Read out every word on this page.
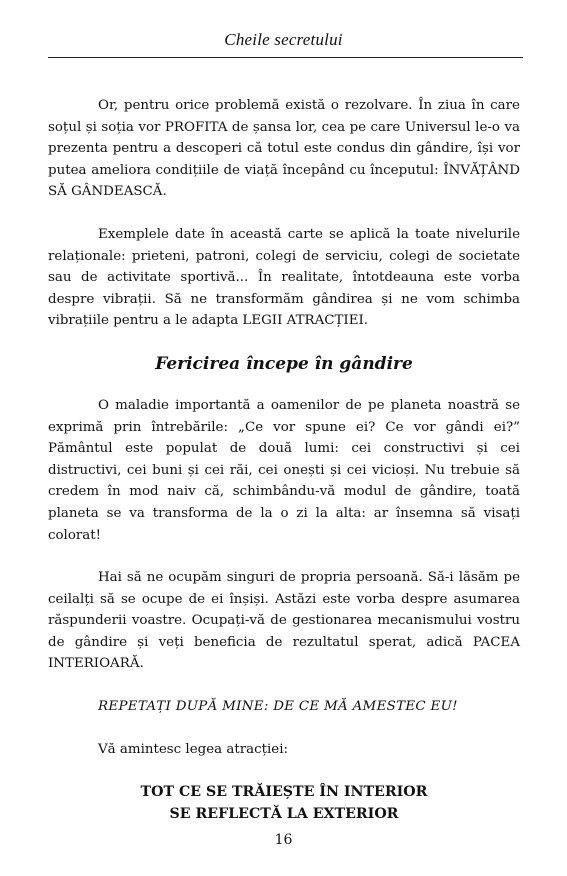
Cheile secretului

Or, pentru orice problemă există o rezolvare. În ziua în care soțul și soția vor PROFITA de șansa lor, cea pe care Universul le-o va prezenta pentru a descoperi că totul este condus din gândire, își vor putea ameliora condițiile de viață începând cu începutul: ÎNVĂȚÂND SĂ GÂNDEASCĂ.

Exemplele date în această carte se aplică la toate nivelurile relaționale: prieteni, patroni, colegi de serviciu, colegi de societate sau de activitate sportivă... În realitate, întotdeauna este vorba despre vibrații. Să ne transformăm gândirea și ne vom schimba vibrațiile pentru a le adapta LEGII ATRACȚIEI.

Fericirea începe în gândire

O maladie importantă a oamenilor de pe planeta noastră se exprimă prin întrebările: „Ce vor spune ei? Ce vor gândi ei?” Pământul este populat de două lumi: cei constructivi și cei distructivi, cei buni și cei răi, cei onești și cei vicioși. Nu trebuie să credem în mod naiv că, schimbându-vă modul de gândire, toată planeta se va transforma de la o zi la alta: ar însemna să visați colorat!

Hai să ne ocupăm singuri de propria persoană. Să-i lăsăm pe ceilalți să se ocupe de ei înșiși. Astăzi este vorba despre asumarea răspunderii voastre. Ocupați-vă de gestionarea mecanismului vostru de gândire și veți beneficia de rezultatul sperat, adică PACEA INTERIOARĂ.

REPETAȚI DUPĂ MINE: DE CE MĂ AMESTEC EU!

Vă amintesc legea atracției:

TOT CE SE TRĂIEȘTE ÎN INTERIOR
SE REFLECTĂ LA EXTERIOR
16
